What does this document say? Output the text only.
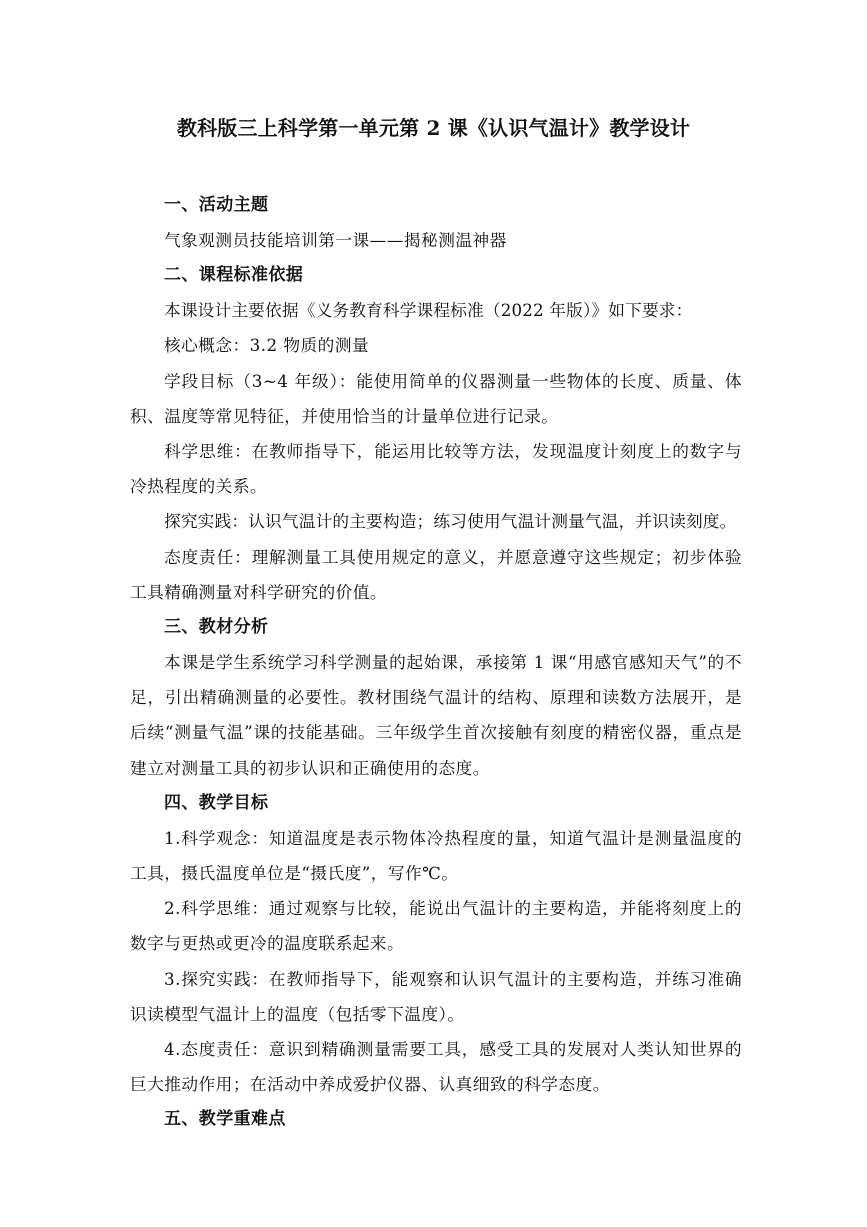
教科版三上科学第一单元第 2 课《认识气温计》教学设计
一、活动主题

气象观测员技能培训第一课——揭秘测温神器

二、课程标准依据

本课设计主要依据《义务教育科学课程标准（2022 年版）》如下要求：

核心概念：3.2 物质的测量

学段目标（3~4 年级）：能使用简单的仪器测量一些物体的长度、质量、体积、温度等常见特征，并使用恰当的计量单位进行记录。

科学思维：在教师指导下，能运用比较等方法，发现温度计刻度上的数字与冷热程度的关系。

探究实践：认识气温计的主要构造；练习使用气温计测量气温，并识读刻度。

态度责任：理解测量工具使用规定的意义，并愿意遵守这些规定；初步体验工具精确测量对科学研究的价值。

三、教材分析

本课是学生系统学习科学测量的起始课，承接第 1 课“用感官感知天气”的不足，引出精确测量的必要性。教材围绕气温计的结构、原理和读数方法展开，是后续“测量气温”课的技能基础。三年级学生首次接触有刻度的精密仪器，重点是建立对测量工具的初步认识和正确使用的态度。

四、教学目标

1.科学观念：知道温度是表示物体冷热程度的量，知道气温计是测量温度的工具，摄氏温度单位是“摄氏度”，写作℃。

2.科学思维：通过观察与比较，能说出气温计的主要构造，并能将刻度上的数字与更热或更冷的温度联系起来。

3.探究实践：在教师指导下，能观察和认识气温计的主要构造，并练习准确识读模型气温计上的温度（包括零下温度）。

4.态度责任：意识到精确测量需要工具，感受工具的发展对人类认知世界的巨大推动作用；在活动中养成爱护仪器、认真细致的科学态度。

五、教学重难点
